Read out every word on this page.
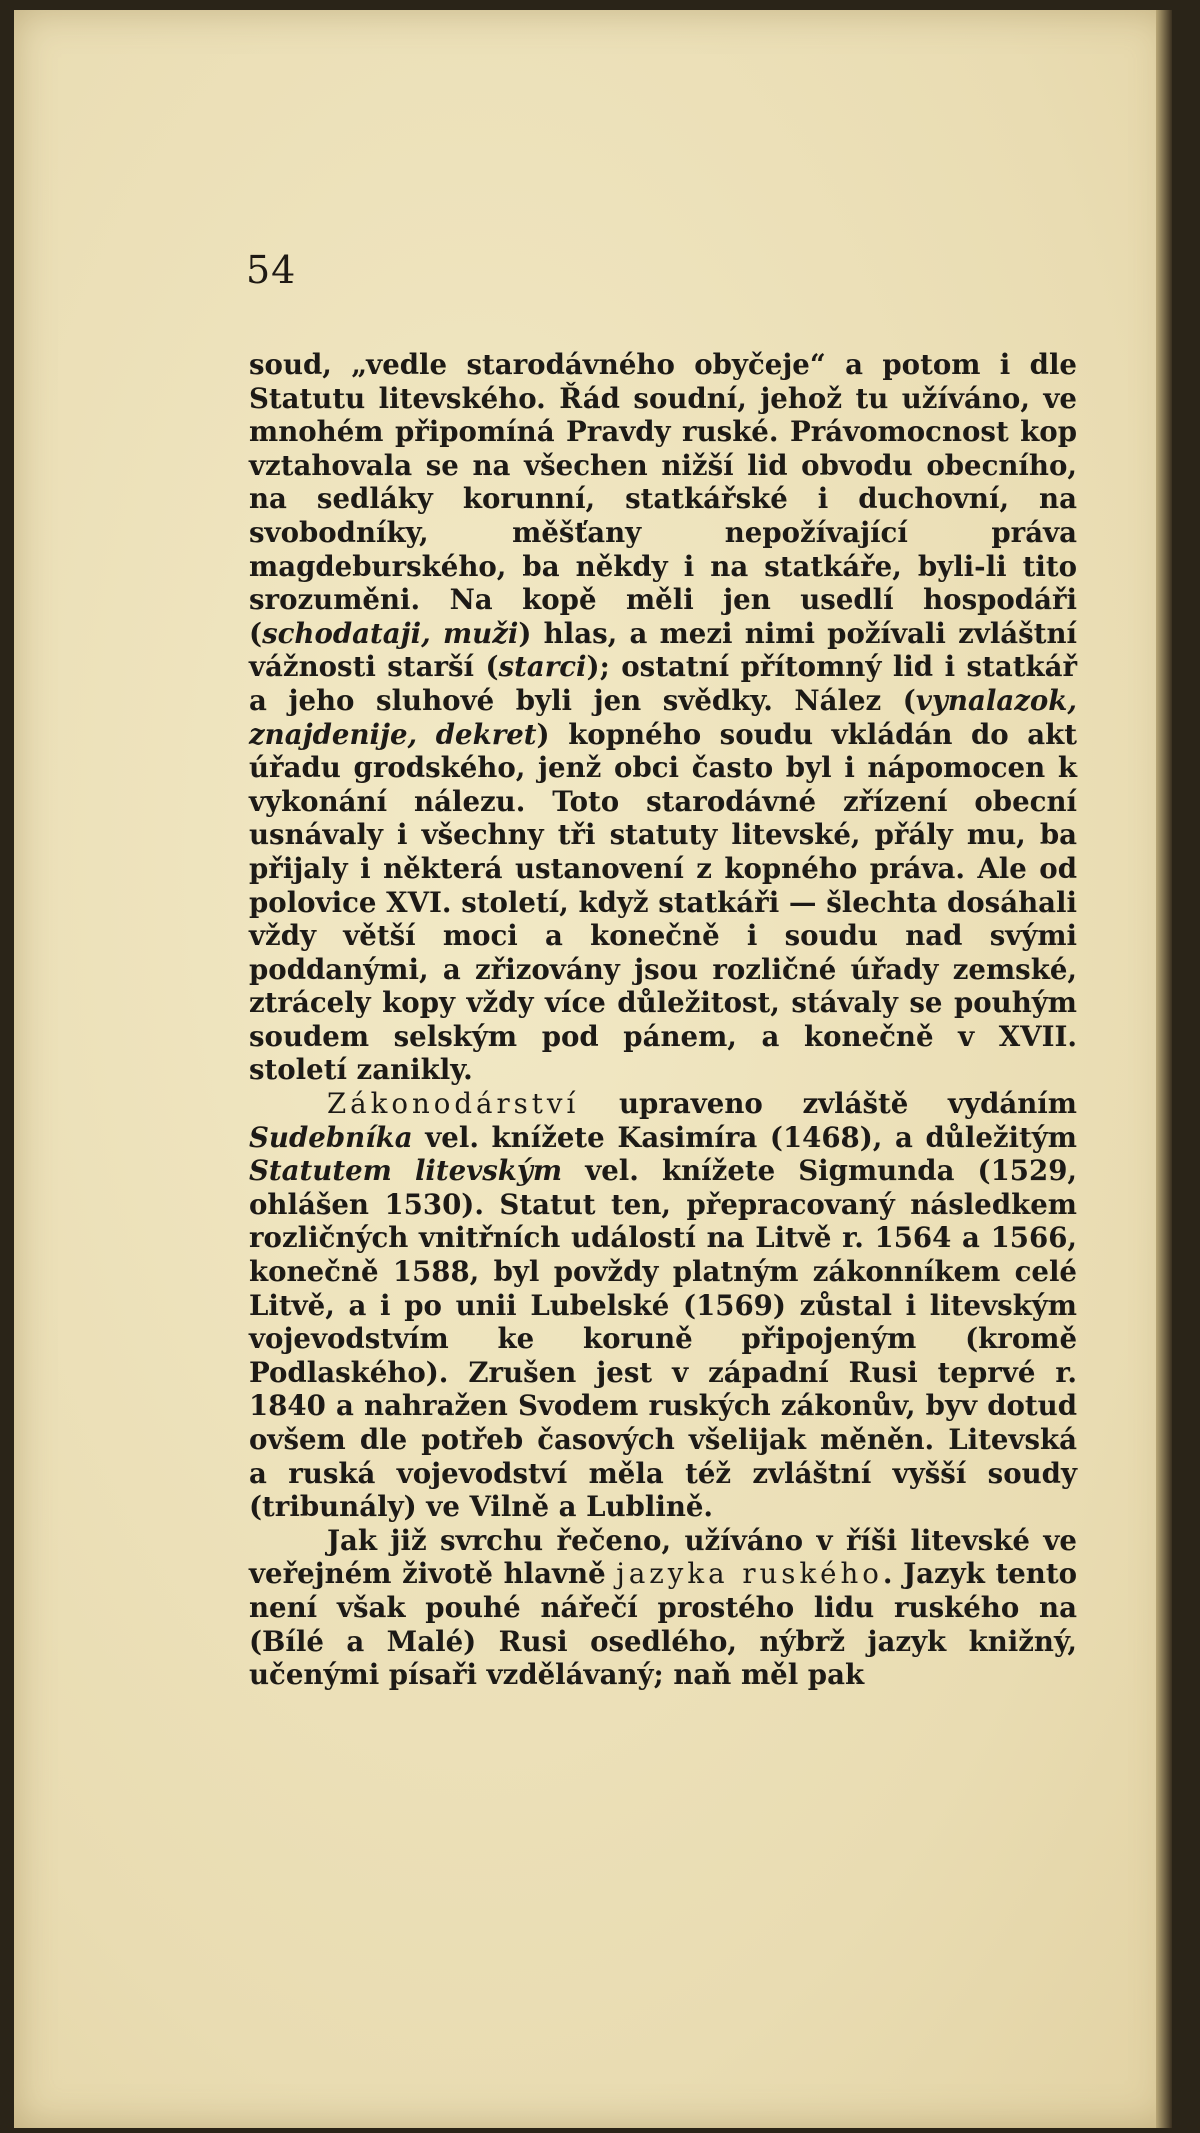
54

soud, „vedle starodávného obyčeje“ a potom i dle Statutu litevského. Řád soudní, jehož tu užíváno, ve mnohém připomíná Pravdy ruské. Právomocnost kop vztahovala se na všechen nižší lid obvodu obecního, na sedláky korunní, statkářské i duchovní, na svobodníky, měšťany nepožívající práva magdeburského, ba někdy i na statkáře, byli-li tito srozuměni. Na kopě měli jen usedlí hospodáři (schodataji, muži) hlas, a mezi nimi požívali zvláštní vážnosti starší (starci); ostatní přítomný lid i statkář a jeho sluhové byli jen svědky. Nález (vynalazok, znajdenije, dekret) kopného soudu vkládán do akt úřadu grodského, jenž obci často byl i nápomocen k vykonání nálezu. Toto starodávné zřízení obecní usnávaly i všechny tři statuty litevské, přály mu, ba přijaly i některá ustanovení z kopného práva. Ale od polovice XVI. století, když statkáři — šlechta dosáhali vždy větší moci a konečně i soudu nad svými poddanými, a zřizovány jsou rozličné úřady zemské, ztrácely kopy vždy více důležitost, stávaly se pouhým soudem selským pod pánem, a konečně v XVII. století zanikly.

Zákonodárství upraveno zvláště vydáním Sudebníka vel. knížete Kasimíra (1468), a důležitým Statutem litevským vel. knížete Sigmunda (1529, ohlášen 1530). Statut ten, přepracovaný následkem rozličných vnitřních událostí na Litvě r. 1564 a 1566, konečně 1588, byl povždy platným zákonníkem celé Litvě, a i po unii Lubelské (1569) zůstal i litevským vojevodstvím ke koruně připojeným (kromě Podlaského). Zrušen jest v západní Rusi teprvé r. 1840 a nahražen Svodem ruských zákonův, byv dotud ovšem dle potřeb časových všelijak měněn. Litevská a ruská vojevodství měla též zvláštní vyšší soudy (tribunály) ve Vilně a Lublině.

Jak již svrchu řečeno, užíváno v říši litevské ve veřejném životě hlavně jazyka ruského. Jazyk tento není však pouhé nářečí prostého lidu ruského na (Bílé a Malé) Rusi osedlého, nýbrž jazyk knižný, učenými písaři vzdělávaný; naň měl pak
